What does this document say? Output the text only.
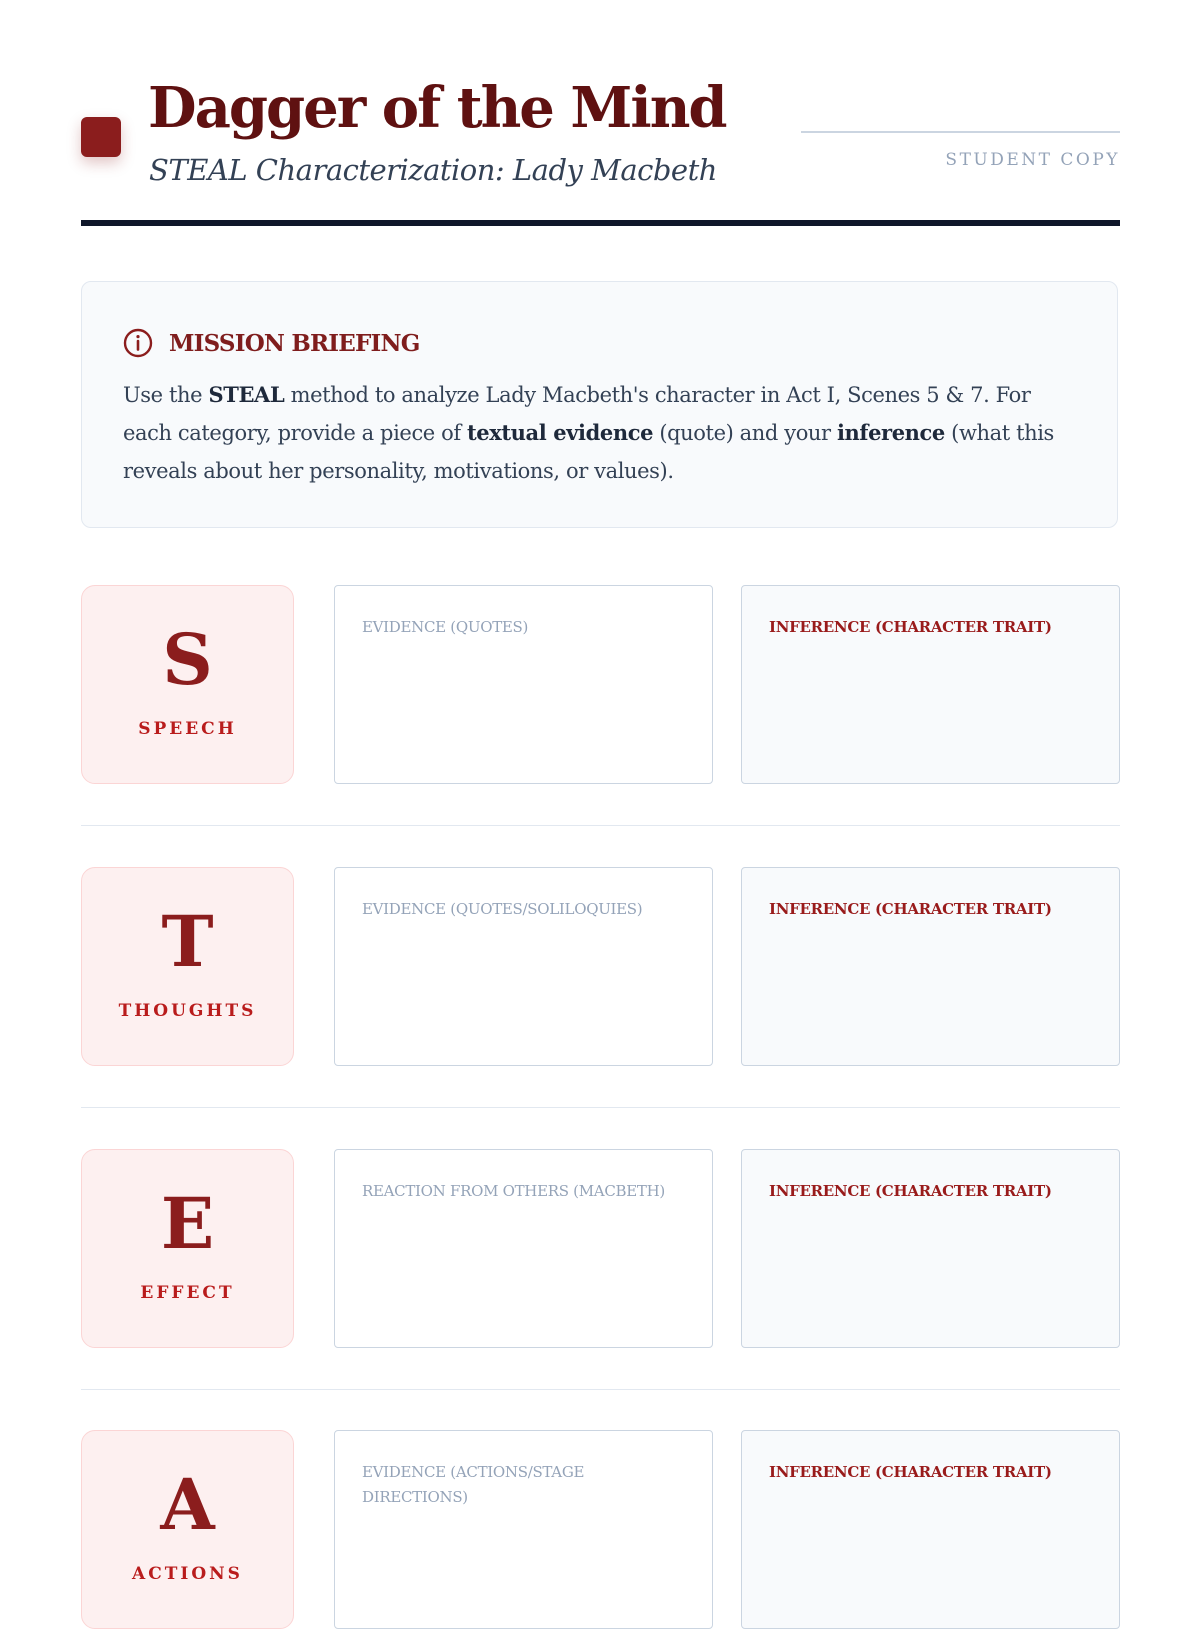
Dagger of the Mind
STEAL Characterization: Lady Macbeth	STUDENT COPY
MISSION BRIEFING

Use the STEAL method to analyze Lady Macbeth's character in Act I, Scenes 5 & 7. For each category, provide a piece of textual evidence (quote) and your inference (what this reveals about her personality, motivations, or values).

S
SPEECH
EVIDENCE (QUOTES)	INFERENCE (CHARACTER TRAIT)
T
THOUGHTS
EVIDENCE (QUOTES/SOLILOQUIES)	INFERENCE (CHARACTER TRAIT)
E
EFFECT
REACTION FROM OTHERS (MACBETH)	INFERENCE (CHARACTER TRAIT)
A
ACTIONS
EVIDENCE (ACTIONS/STAGE DIRECTIONS)
INFERENCE (CHARACTER TRAIT)
